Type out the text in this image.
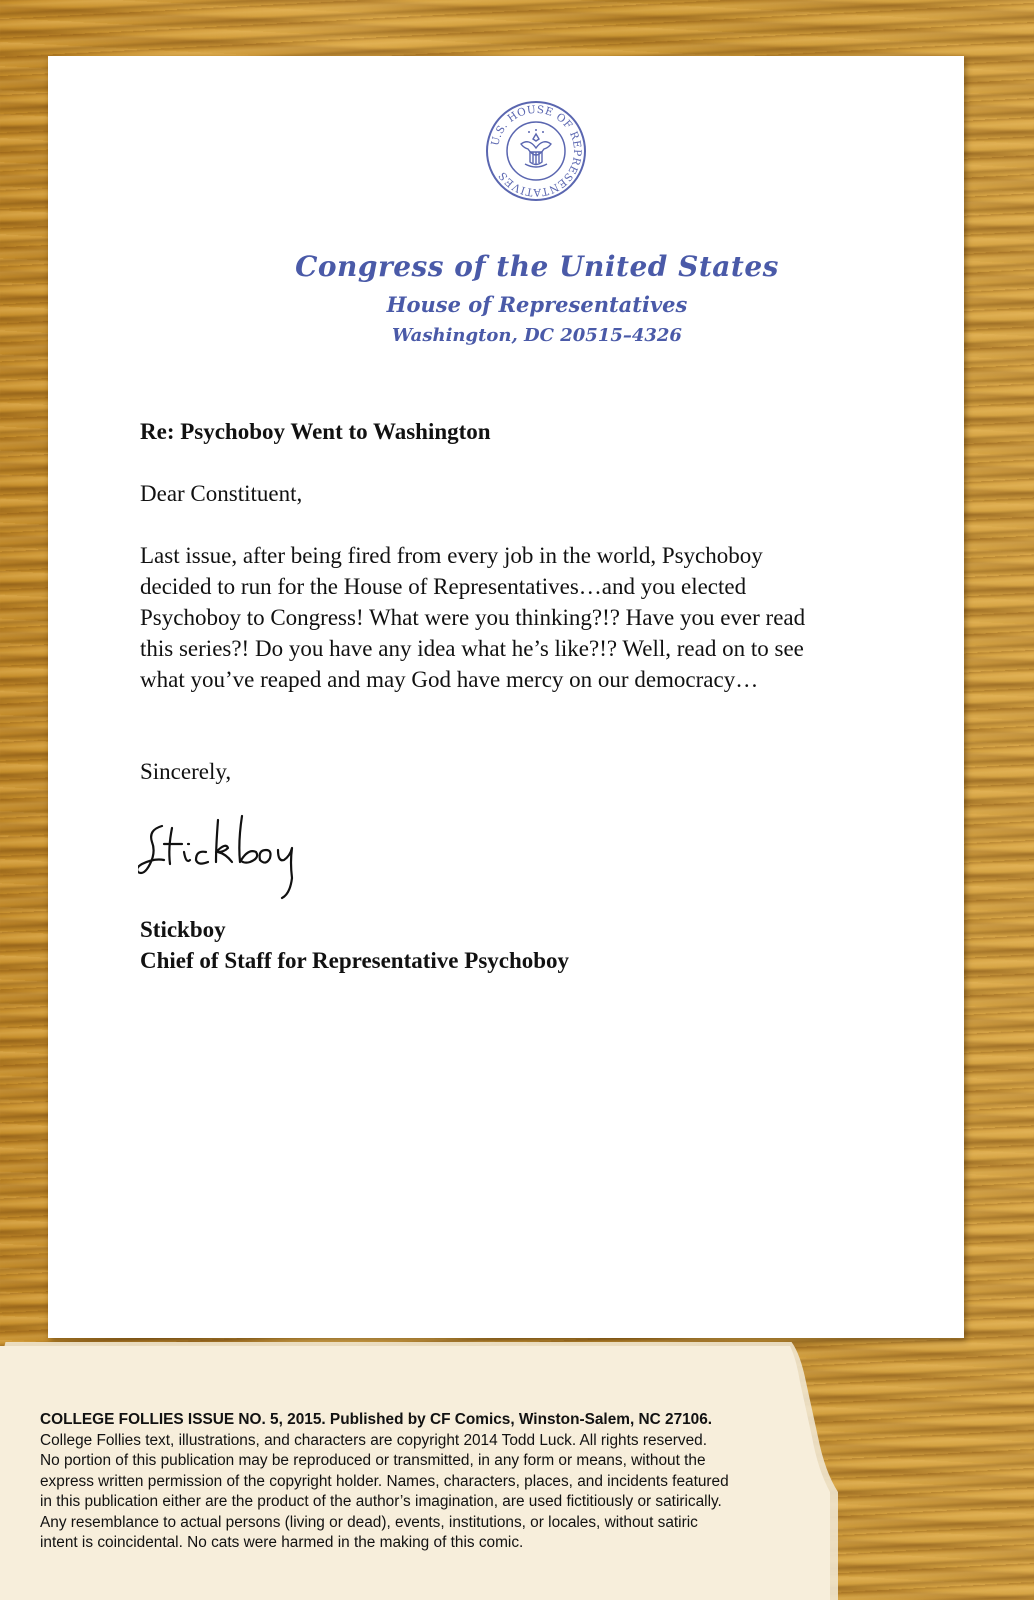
U.S. HOUSE OF REPRESENTATIVES
Congress of the United States
House of Representatives
Washington, DC 20515–4326
Re: Psychoboy Went to Washington
Dear Constituent,
Last issue, after being fired from every job in the world, Psychoboy
decided to run for the House of Representatives…and you elected
Psychoboy to Congress! What were you thinking?!? Have you ever read
this series?! Do you have any idea what he’s like?!? Well, read on to see
what you’ve reaped and may God have mercy on our democracy…
Sincerely,
Stickboy
Chief of Staff for Representative Psychoboy
COLLEGE FOLLIES ISSUE NO. 5, 2015. Published by CF Comics, Winston-Salem, NC 27106.
College Follies text, illustrations, and characters are copyright 2014 Todd Luck. All rights reserved.
No portion of this publication may be reproduced or transmitted, in any form or means, without the
express written permission of the copyright holder. Names, characters, places, and incidents featured
in this publication either are the product of the author’s imagination, are used fictitiously or satirically.
Any resemblance to actual persons (living or dead), events, institutions, or locales, without satiric
intent is coincidental. No cats were harmed in the making of this comic.
